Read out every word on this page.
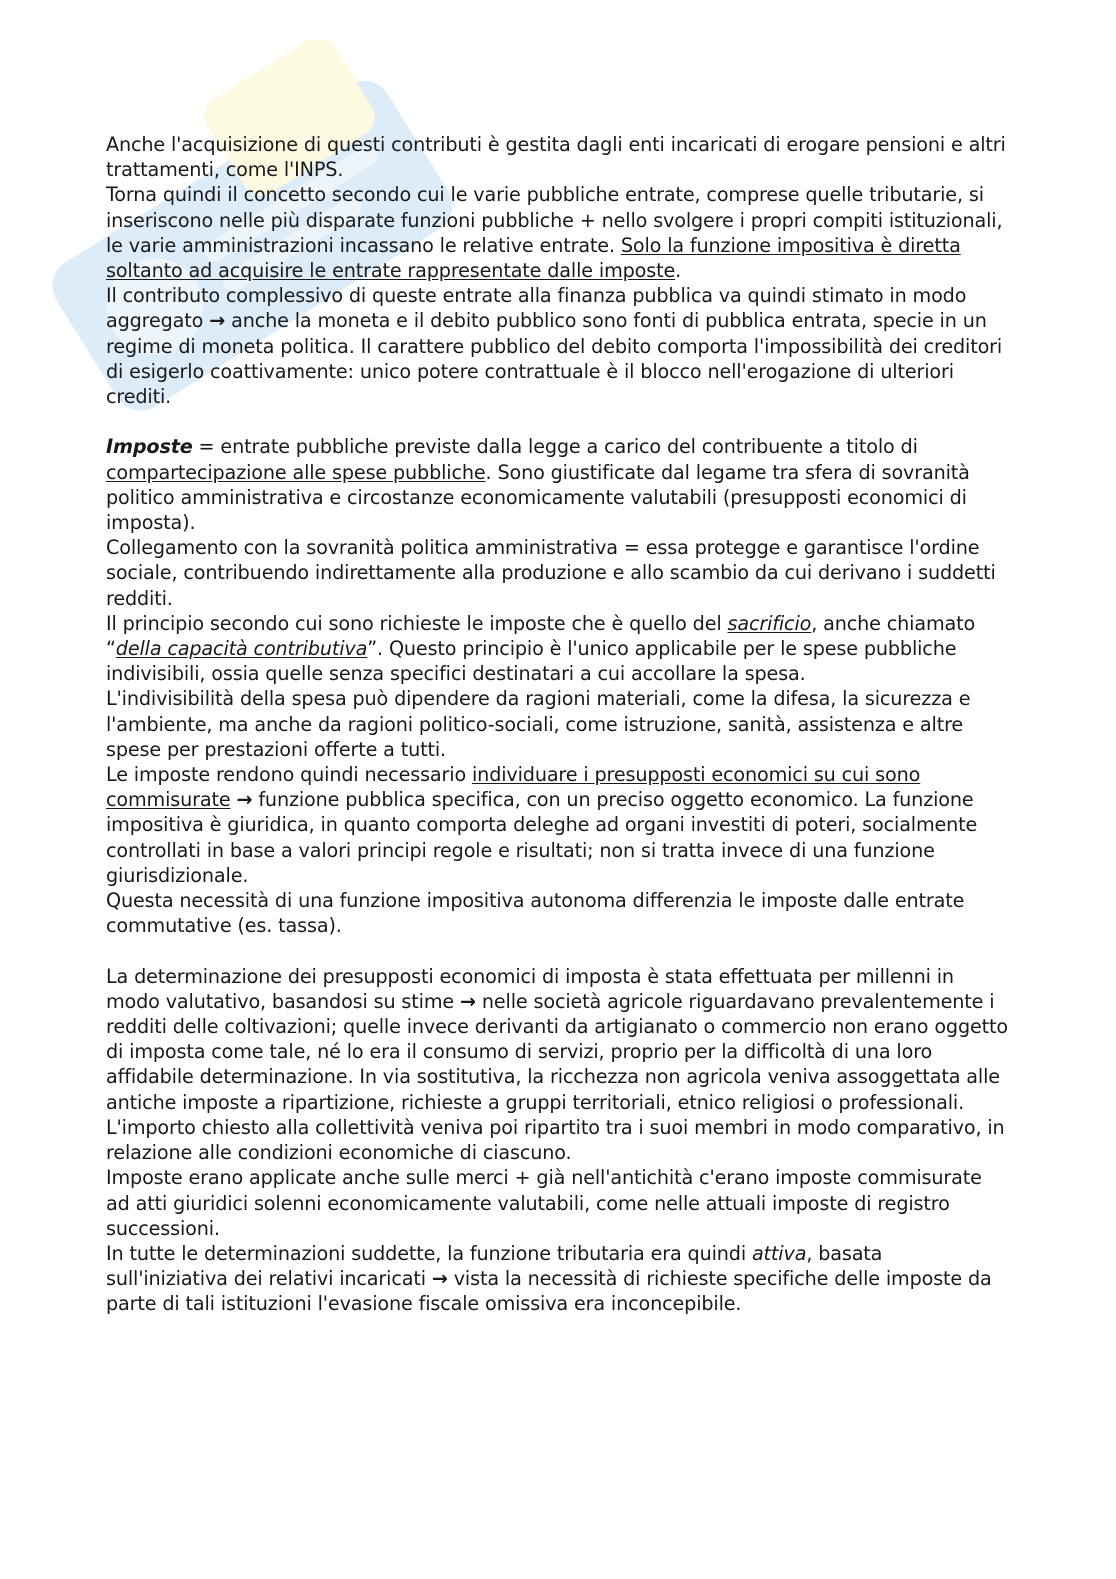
Anche l'acquisizione di questi contributi è gestita dagli enti incaricati di erogare pensioni e altri trattamenti, come l'INPS.

Torna quindi il concetto secondo cui le varie pubbliche entrate, comprese quelle tributarie, si inseriscono nelle più disparate funzioni pubbliche + nello svolgere i propri compiti istituzionali, le varie amministrazioni incassano le relative entrate. Solo la funzione impositiva è diretta soltanto ad acquisire le entrate rappresentate dalle imposte.

Il contributo complessivo di queste entrate alla finanza pubblica va quindi stimato in modo aggregato → anche la moneta e il debito pubblico sono fonti di pubblica entrata, specie in un regime di moneta politica. Il carattere pubblico del debito comporta l'impossibilità dei creditori di esigerlo coattivamente: unico potere contrattuale è il blocco nell'erogazione di ulteriori crediti.

Imposte = entrate pubbliche previste dalla legge a carico del contribuente a titolo di compartecipazione alle spese pubbliche. Sono giustificate dal legame tra sfera di sovranità politico amministrativa e circostanze economicamente valutabili (presupposti economici di imposta).

Collegamento con la sovranità politica amministrativa = essa protegge e garantisce l'ordine sociale, contribuendo indirettamente alla produzione e allo scambio da cui derivano i suddetti redditi.

Il principio secondo cui sono richieste le imposte che è quello del sacrificio, anche chiamato “della capacità contributiva”. Questo principio è l'unico applicabile per le spese pubbliche indivisibili, ossia quelle senza specifici destinatari a cui accollare la spesa.

L'indivisibilità della spesa può dipendere da ragioni materiali, come la difesa, la sicurezza e l'ambiente, ma anche da ragioni politico-sociali, come istruzione, sanità, assistenza e altre spese per prestazioni offerte a tutti.

Le imposte rendono quindi necessario individuare i presupposti economici su cui sono commisurate → funzione pubblica specifica, con un preciso oggetto economico. La funzione impositiva è giuridica, in quanto comporta deleghe ad organi investiti di poteri, socialmente controllati in base a valori principi regole e risultati; non si tratta invece di una funzione giurisdizionale.

Questa necessità di una funzione impositiva autonoma differenzia le imposte dalle entrate commutative (es. tassa).

La determinazione dei presupposti economici di imposta è stata effettuata per millenni in modo valutativo, basandosi su stime → nelle società agricole riguardavano prevalentemente i redditi delle coltivazioni; quelle invece derivanti da artigianato o commercio non erano oggetto di imposta come tale, né lo era il consumo di servizi, proprio per la difficoltà di una loro affidabile determinazione. In via sostitutiva, la ricchezza non agricola veniva assoggettata alle antiche imposte a ripartizione, richieste a gruppi territoriali, etnico religiosi o professionali.

L'importo chiesto alla collettività veniva poi ripartito tra i suoi membri in modo comparativo, in relazione alle condizioni economiche di ciascuno.

Imposte erano applicate anche sulle merci + già nell'antichità c'erano imposte commisurate ad atti giuridici solenni economicamente valutabili, come nelle attuali imposte di registro successioni.

In tutte le determinazioni suddette, la funzione tributaria era quindi attiva, basata sull'iniziativa dei relativi incaricati → vista la necessità di richieste specifiche delle imposte da parte di tali istituzioni l'evasione fiscale omissiva era inconcepibile.
